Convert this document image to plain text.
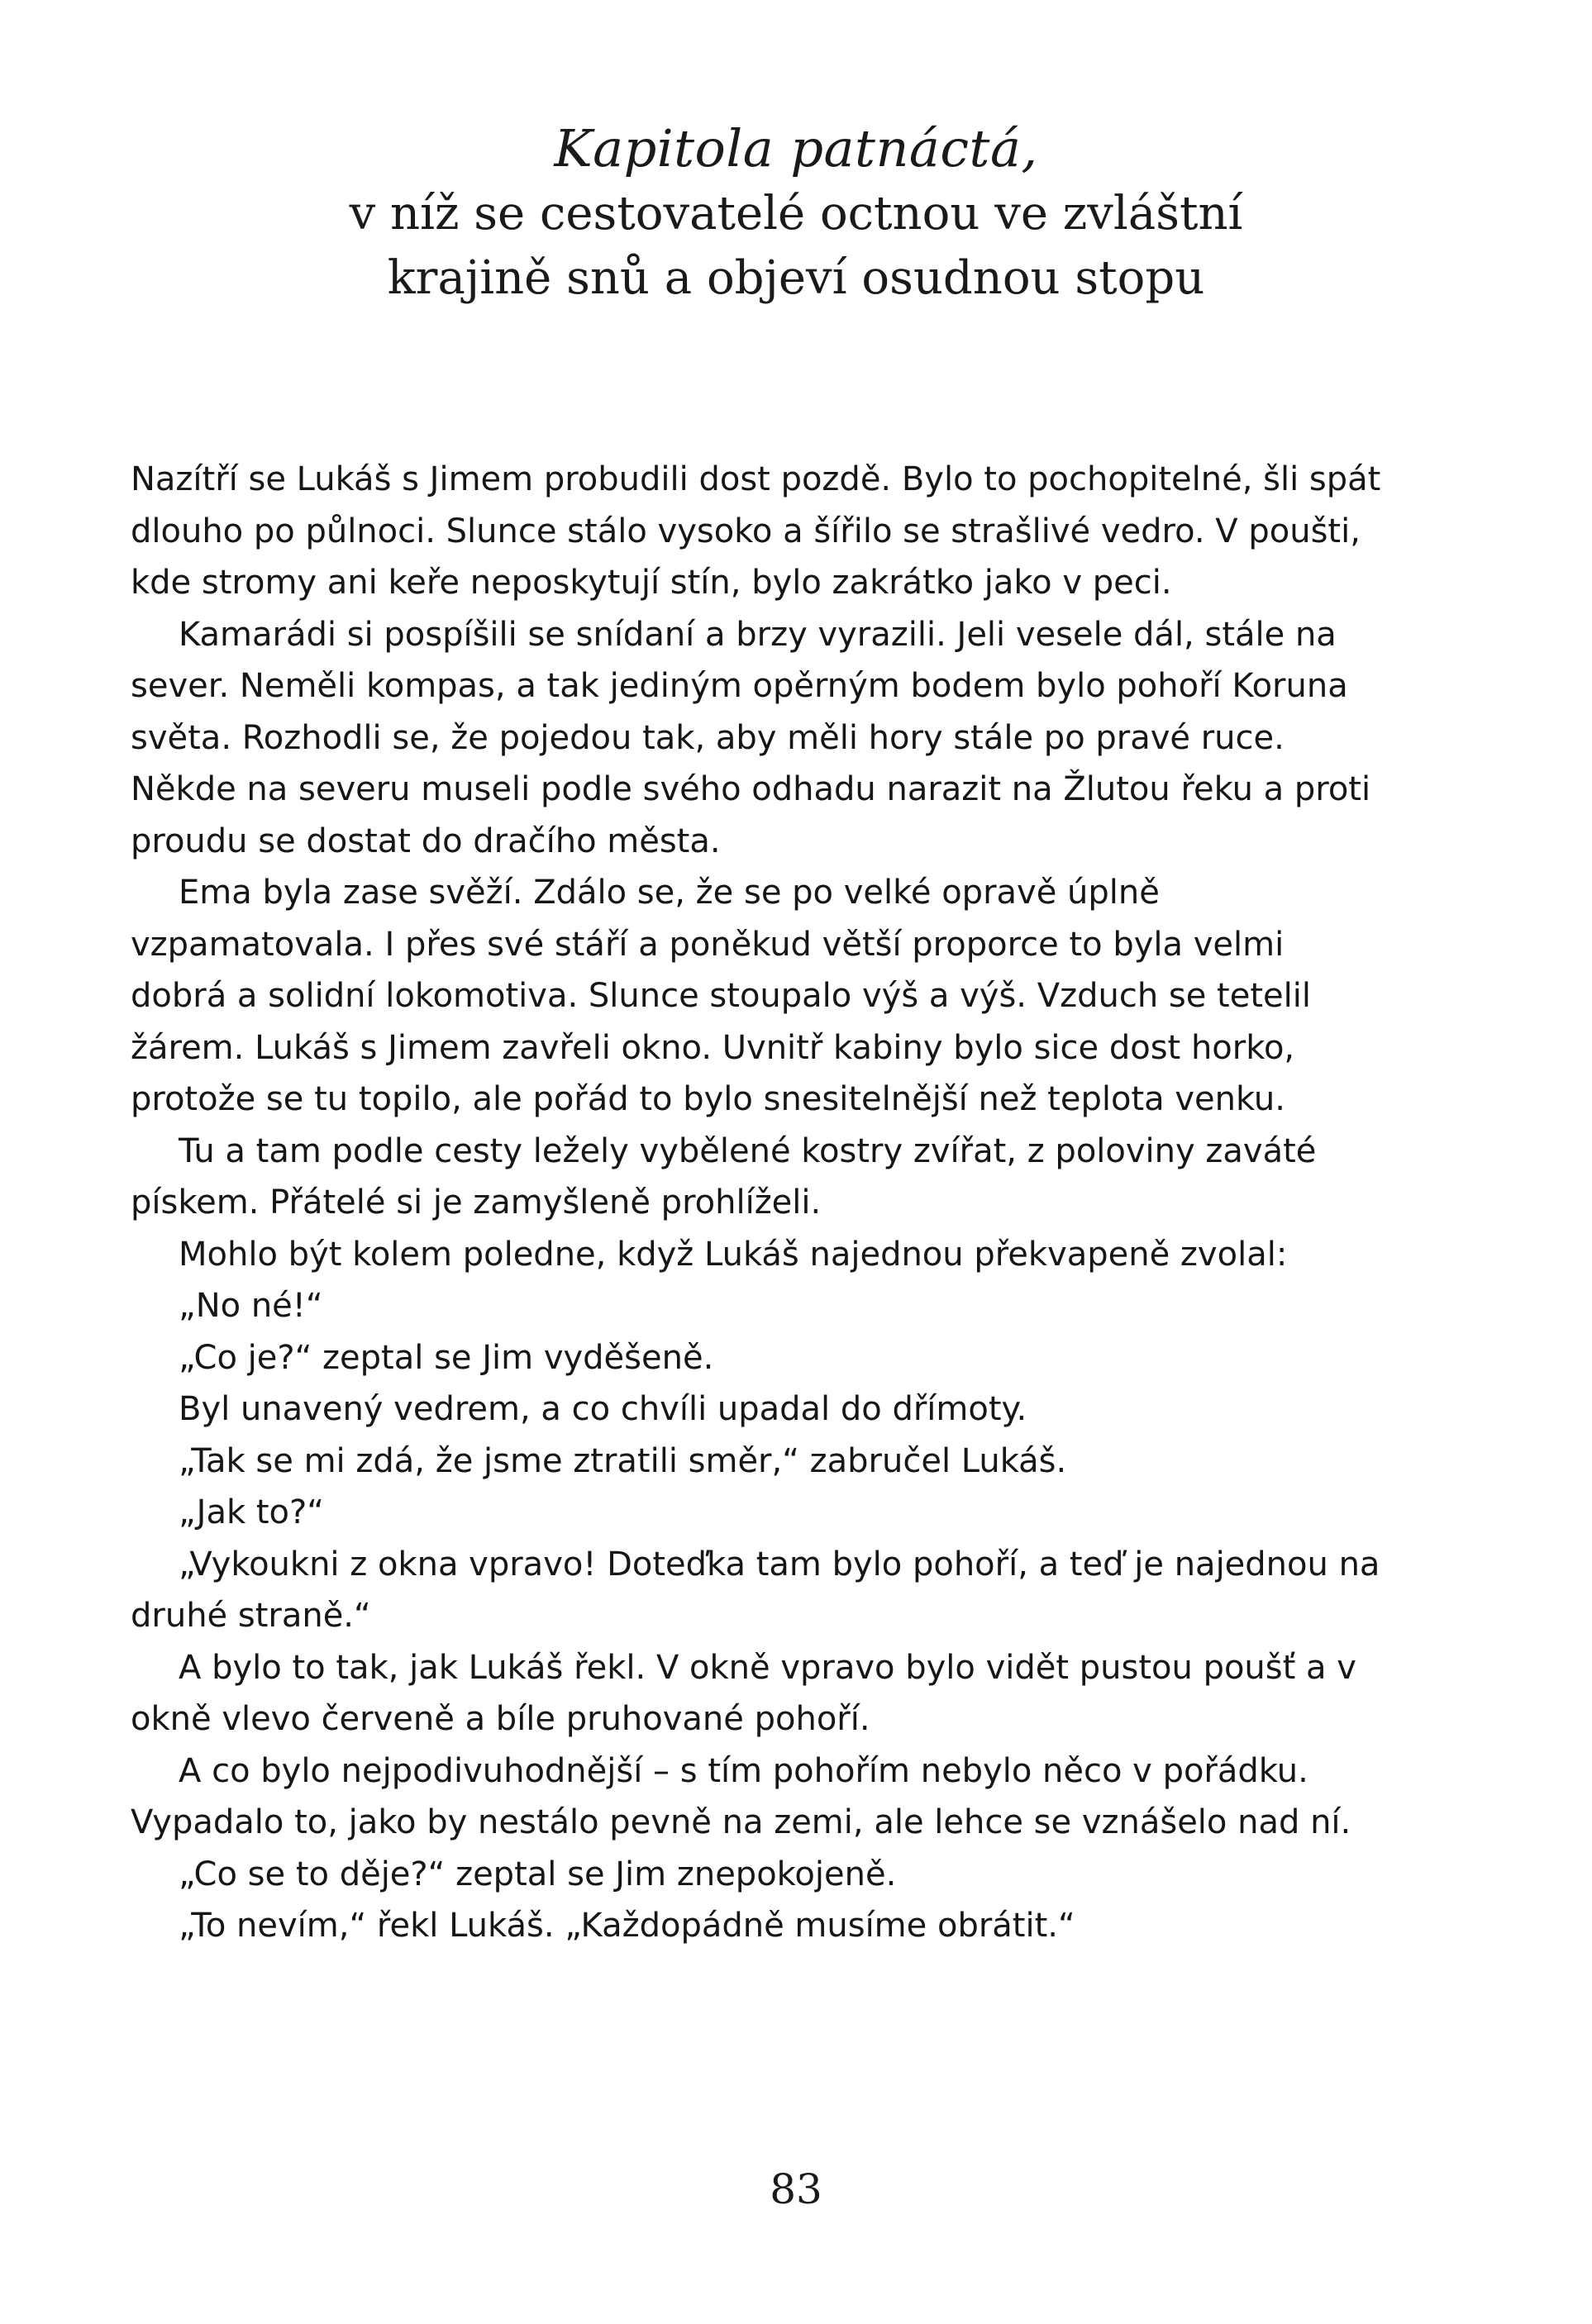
Kapitola patnáctá,
v níž se cestovatelé octnou ve zvláštní
krajině snů a objeví osudnou stopu

Nazítří se Lukáš s Jimem probudili dost pozdě. Bylo to pochopitelné, šli spát dlouho po půlnoci. Slunce stálo vysoko a šířilo se strašlivé vedro. V poušti, kde stromy ani keře neposkytují stín, bylo zakrátko jako v peci.

Kamarádi si pospíšili se snídaní a brzy vyrazili. Jeli vesele dál, stále na sever. Neměli kompas, a tak jediným opěrným bodem bylo pohoří Koruna světa. Rozhodli se, že pojedou tak, aby měli hory stále po pravé ruce. Někde na severu museli podle svého odhadu narazit na Žlutou řeku a proti proudu se dostat do dračího města.

Ema byla zase svěží. Zdálo se, že se po velké opravě úplně vzpamatovala. I přes své stáří a poněkud větší proporce to byla velmi dobrá a solidní lokomotiva. Slunce stoupalo výš a výš. Vzduch se tetelil žárem. Lukáš s Jimem zavřeli okno. Uvnitř kabiny bylo sice dost horko, protože se tu topilo, ale pořád to bylo snesitelnější než teplota venku.

Tu a tam podle cesty ležely vybělené kostry zvířat, z poloviny zaváté pískem. Přátelé si je zamyšleně prohlíželi.

Mohlo být kolem poledne, když Lukáš najednou překvapeně zvolal:

„No né!“

„Co je?“ zeptal se Jim vyděšeně.

Byl unavený vedrem, a co chvíli upadal do dřímoty.

„Tak se mi zdá, že jsme ztratili směr,“ zabručel Lukáš.

„Jak to?“

„Vykoukni z okna vpravo! Doteďka tam bylo pohoří, a teď je najednou na druhé straně.“

A bylo to tak, jak Lukáš řekl. V okně vpravo bylo vidět pustou poušť a v okně vlevo červeně a bíle pruhované pohoří.

A co bylo nejpodivuhodnější – s tím pohořím nebylo něco v pořádku. Vypadalo to, jako by nestálo pevně na zemi, ale lehce se vznášelo nad ní.

„Co se to děje?“ zeptal se Jim znepokojeně.

„To nevím,“ řekl Lukáš. „Každopádně musíme obrátit.“

83
